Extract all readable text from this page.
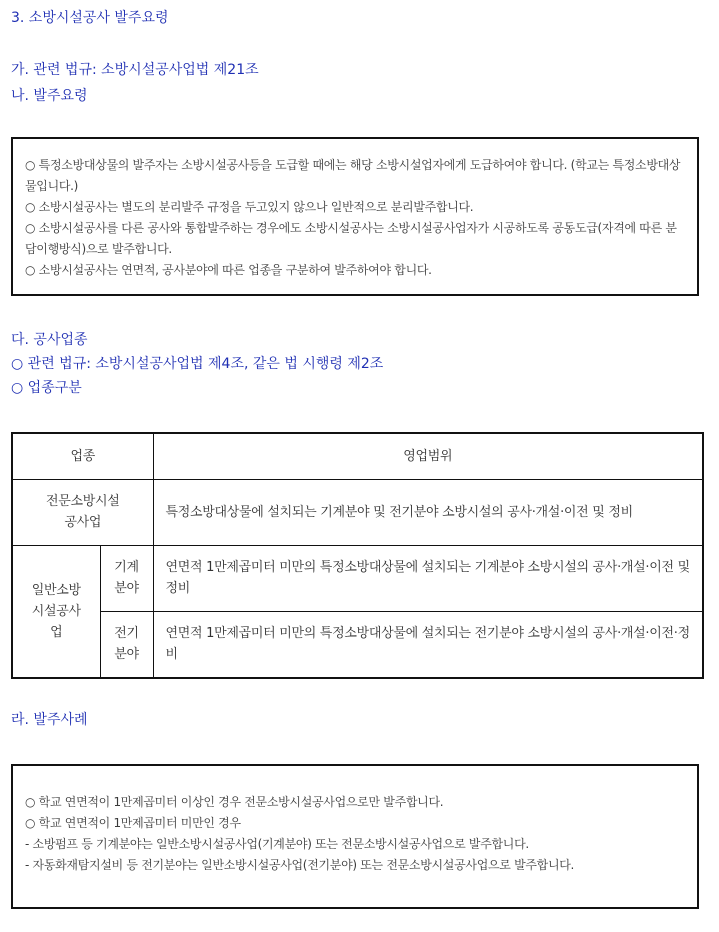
3. 소방시설공사 발주요령
가. 관련 법규: 소방시설공사업법 제21조
나. 발주요령

○ 특정소방대상물의 발주자는 소방시설공사등을 도급할 때에는 해당 소방시설업자에게 도급하여야 합니다. (학교는 특정소방대상물입니다.)

○ 소방시설공사는 별도의 분리발주 규정을 두고있지 않으나 일반적으로 분리발주합니다.

○ 소방시설공사를 다른 공사와 통합발주하는 경우에도 소방시설공사는 소방시설공사업자가 시공하도록 공동도급(자격에 따른 분담이행방식)으로 발주합니다.

○ 소방시설공사는 연면적, 공사분야에 따른 업종을 구분하여 발주하여야 합니다.

다. 공사업종
○ 관련 법규: 소방시설공사업법 제4조, 같은 법 시행령 제2조
○ 업종구분
업종		영업범위
전문소방시설공사업		특정소방대상물에 설치되는 기계분야 및 전기분야 소방시설의 공사·개설·이전 및 정비
일반소방시설공사업	기계분야	연면적 1만제곱미터 미만의 특정소방대상물에 설치되는 기계분야 소방시설의 공사·개설·이전 및 정비
	전기분야	연면적 1만제곱미터 미만의 특정소방대상물에 설치되는 전기분야 소방시설의 공사·개설·이전·정비
라. 발주사례

○ 학교 연면적이 1만제곱미터 이상인 경우 전문소방시설공사업으로만 발주합니다.

○ 학교 연면적이 1만제곱미터 미만인 경우

- 소방펌프 등 기계분야는 일반소방시설공사업(기계분야) 또는 전문소방시설공사업으로 발주합니다.

- 자동화재탐지설비 등 전기분야는 일반소방시설공사업(전기분야) 또는 전문소방시설공사업으로 발주합니다.
